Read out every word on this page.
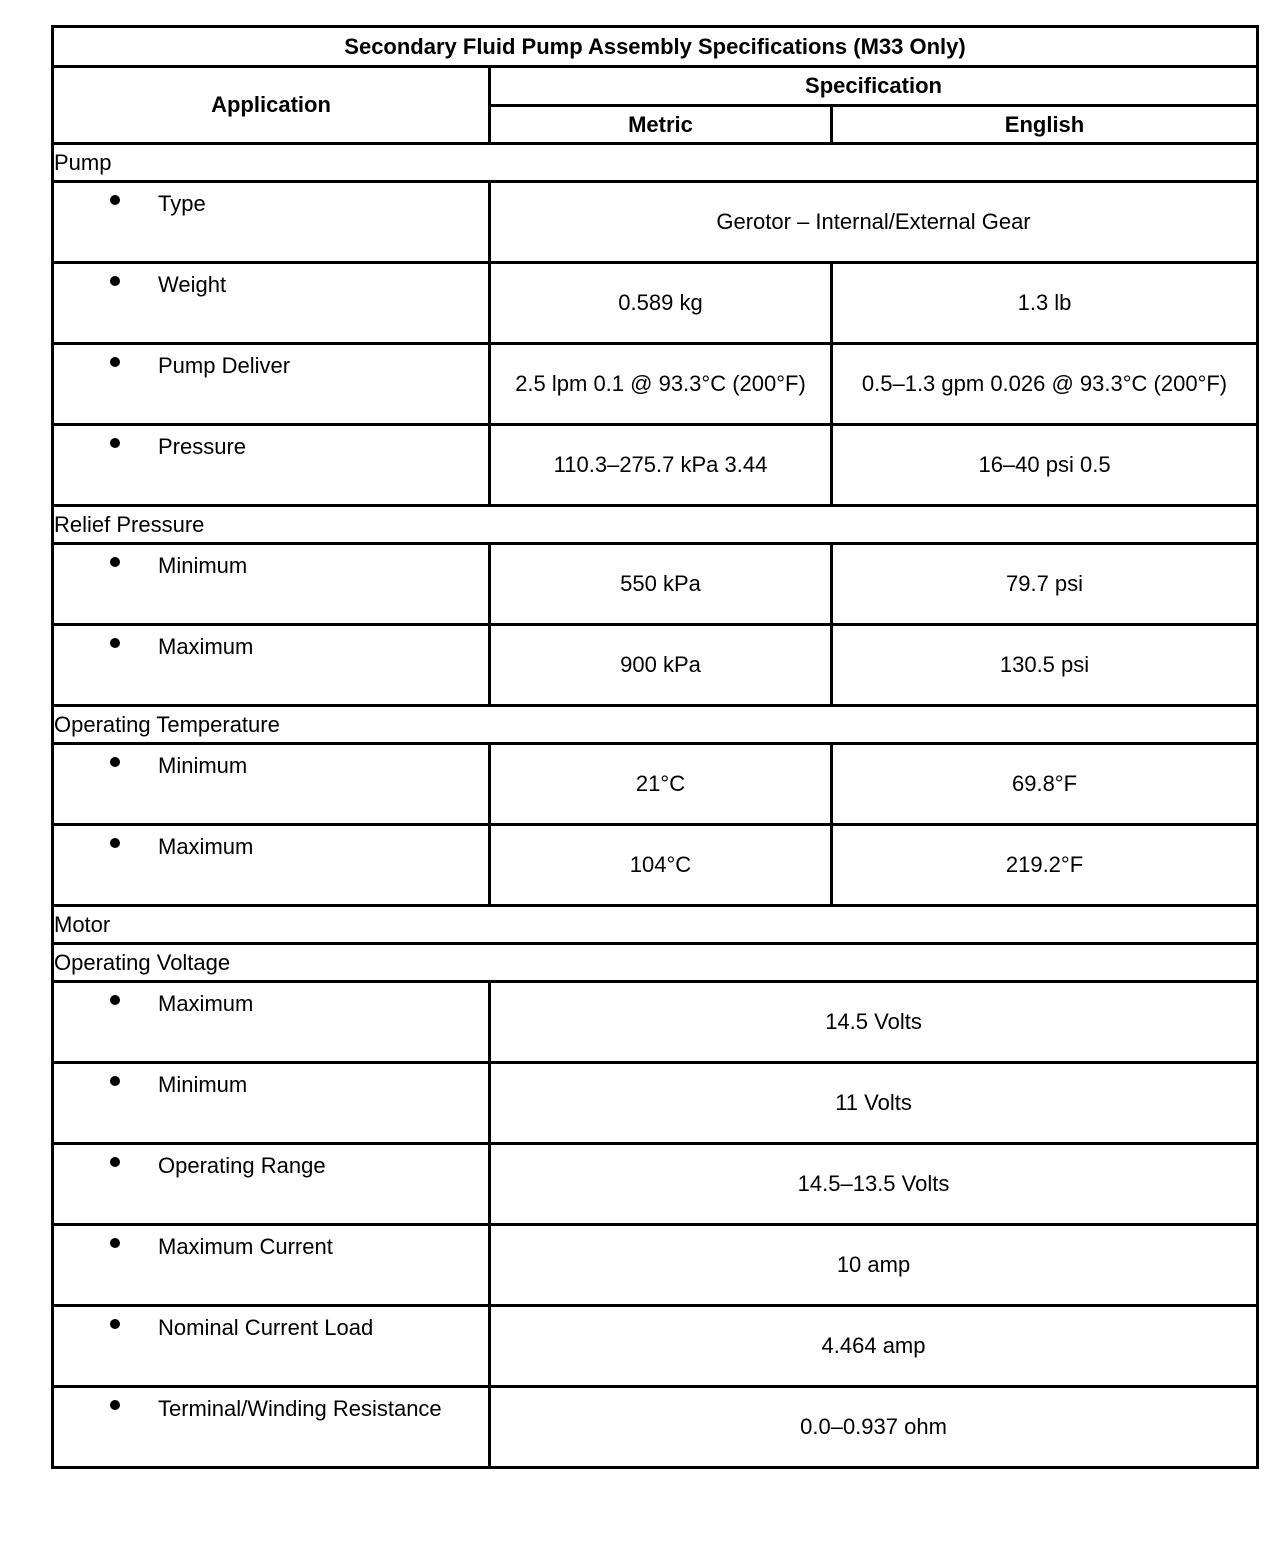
Secondary Fluid Pump Assembly Specifications (M33 Only)		
Application	Specification	
	Metric	English
Pump		

Type	Gerotor – Internal/External Gear	

Weight	0.589 kg	1.3 lb

Pump Deliver	2.5 lpm 0.1 @ 93.3°C (200°F)	0.5–1.3 gpm 0.026 @ 93.3°C (200°F)

Pressure	110.3–275.7 kPa 3.44	16–40 psi 0.5
Relief Pressure		

Minimum	550 kPa	79.7 psi

Maximum	900 kPa	130.5 psi
Operating Temperature		

Minimum	21°C	69.8°F

Maximum	104°C	219.2°F
Motor		
Operating Voltage		

Maximum	14.5 Volts	

Minimum	11 Volts	

Operating Range	14.5–13.5 Volts	

Maximum Current	10 amp	

Nominal Current Load	4.464 amp	

Terminal/Winding Resistance	0.0–0.937 ohm	
